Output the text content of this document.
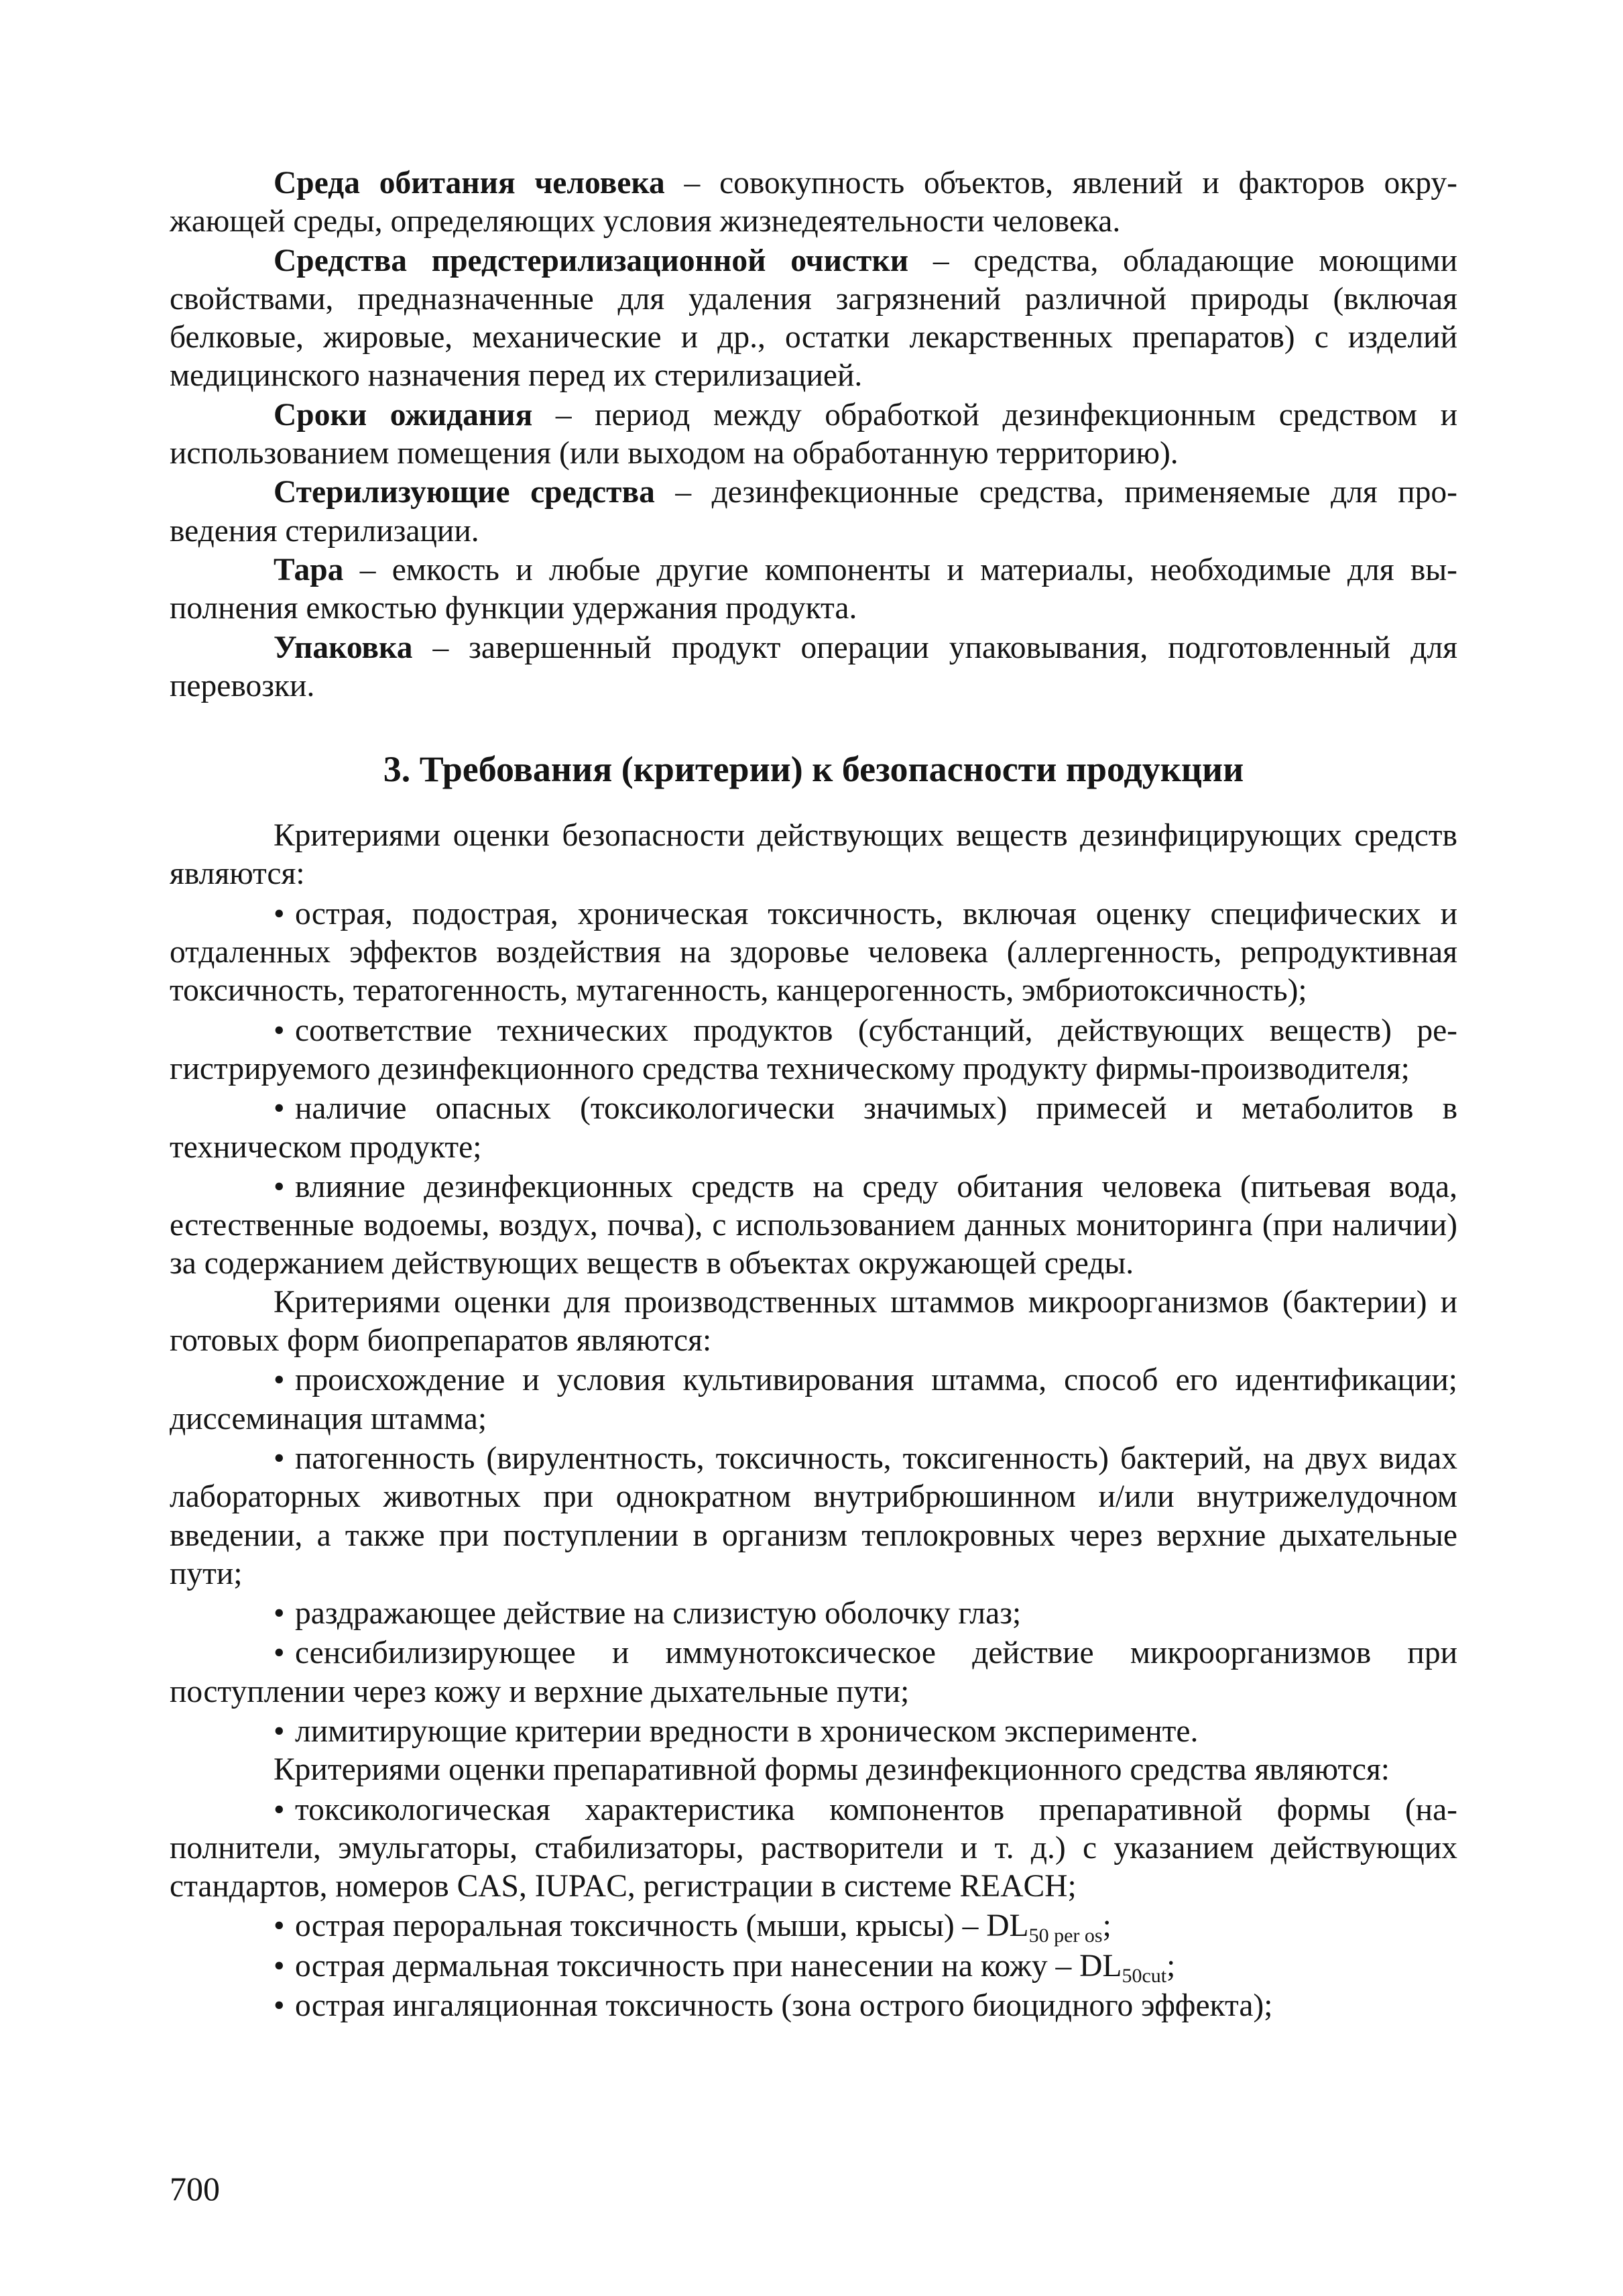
Среда обитания человека – совокупность объектов, явлений и факторов окружающей среды, определяющих условия жизнедеятельности человека.

Средства предстерилизационной очистки – средства, обладающие моющими свойствами, предназначенные для удаления загрязнений различной природы (включая белковые, жировые, механические и др., остатки лекарственных препаратов) с изделий медицинского назначения перед их стерилизацией.

Сроки ожидания – период между обработкой дезинфекционным средством и использованием помещения (или выходом на обработанную территорию).

Стерилизующие средства – дезинфекционные средства, применяемые для проведения стерилизации.

Тара – емкость и любые другие компоненты и материалы, необходимые для выполнения емкостью функции удержания продукта.

Упаковка – завершенный продукт операции упаковывания, подготовленный для перевозки.

3. Требования (критерии) к безопасности продукции

Критериями оценки безопасности действующих веществ дезинфицирующих средств являются:

• острая, подострая, хроническая токсичность, включая оценку специфических и отдаленных эффектов воздействия на здоровье человека (аллергенность, репродуктивная токсичность, тератогенность, мутагенность, канцерогенность, эмбриотоксичность);

• соответствие технических продуктов (субстанций, действующих веществ) регистрируемого дезинфекционного средства техническому продукту фирмы-производителя;

• наличие опасных (токсикологически значимых) примесей и метаболитов в техническом продукте;

• влияние дезинфекционных средств на среду обитания человека (питьевая вода, естественные водоемы, воздух, почва), с использованием данных мониторинга (при наличии) за содержанием действующих веществ в объектах окружающей среды.

Критериями оценки для производственных штаммов микроорганизмов (бактерии) и готовых форм биопрепаратов являются:

• происхождение и условия культивирования штамма, способ его идентификации; диссеминация штамма;

• патогенность (вирулентность, токсичность, токсигенность) бактерий, на двух видах лабораторных животных при однократном внутрибрюшинном и/или внутрижелудочном введении, а также при поступлении в организм теплокровных через верхние дыхательные пути;

• раздражающее действие на слизистую оболочку глаз;

• сенсибилизирующее и иммунотоксическое действие микроорганизмов при поступлении через кожу и верхние дыхательные пути;

• лимитирующие критерии вредности в хроническом эксперименте.

Критериями оценки препаративной формы дезинфекционного средства являются:

• токсикологическая характеристика компонентов препаративной формы (наполнители, эмульгаторы, стабилизаторы, растворители и т. д.) с указанием действующих стандартов, номеров CAS, IUPAC, регистрации в системе REACH;

• острая пероральная токсичность (мыши, крысы) – $DL_{50 per os}$;

• острая дермальная токсичность при нанесении на кожу – $DL_{50cut}$;

• острая ингаляционная токсичность (зона острого биоцидного эффекта);

700
